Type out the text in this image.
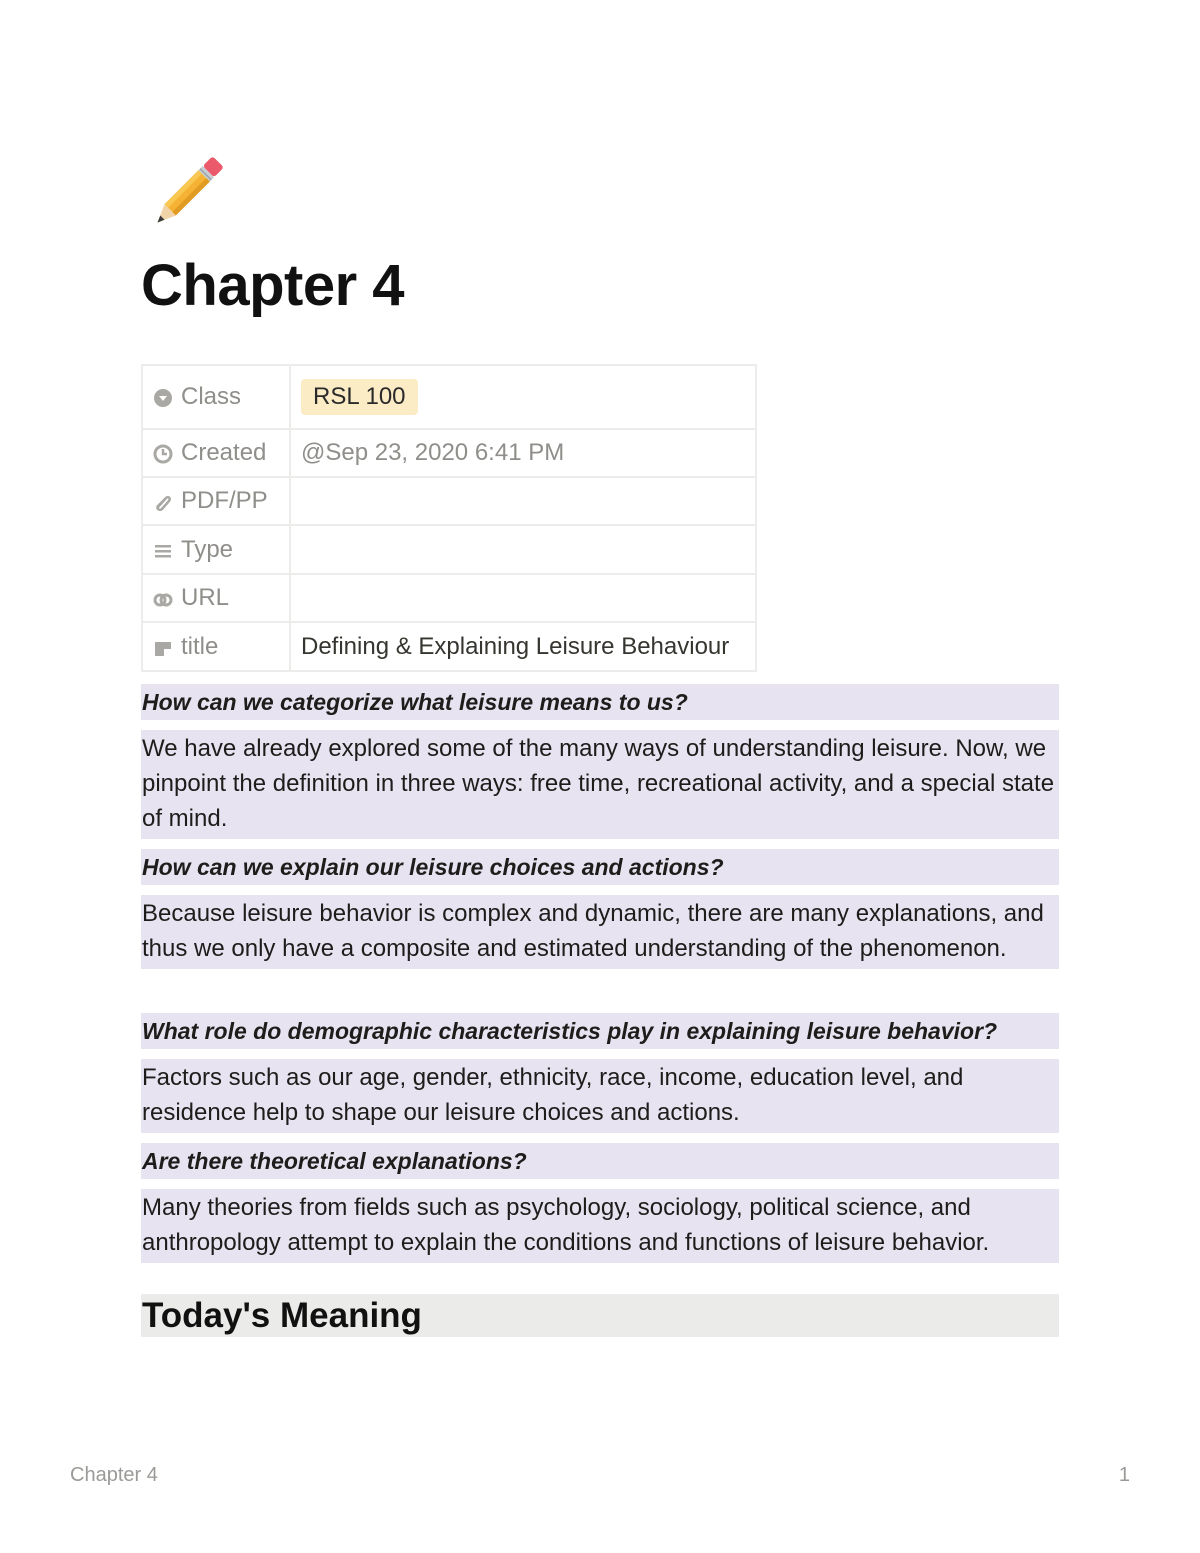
Chapter 4
Class	RSL 100
Created	@Sep 23, 2020 6:41 PM
PDF/PP	
Type	
URL	
title	Defining & Explaining Leisure Behaviour
How can we categorize what leisure means to us?
We have already explored some of the many ways of understanding leisure. Now, we pinpoint the definition in three ways: free time, recreational activity, and a special state of mind.
How can we explain our leisure choices and actions?
Because leisure behavior is complex and dynamic, there are many explanations, and thus we only have a composite and estimated understanding of the phenomenon.
What role do demographic characteristics play in explaining leisure behavior?
Factors such as our age, gender, ethnicity, race, income, education level, and residence help to shape our leisure choices and actions.
Are there theoretical explanations?
Many theories from fields such as psychology, sociology, political science, and anthropology attempt to explain the conditions and functions of leisure behavior.
Today's Meaning
Chapter 4	1
